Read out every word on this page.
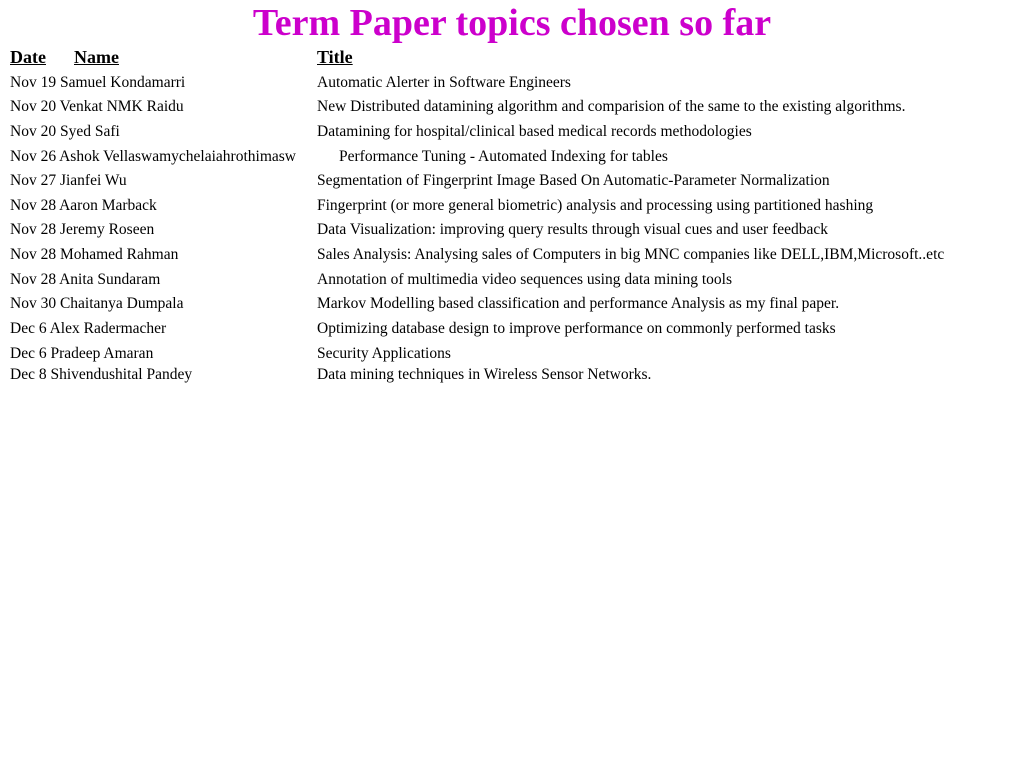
Term Paper topics chosen so far
Date Name	Title
Nov 19 Samuel Kondamarri	Automatic Alerter in Software Engineers
Nov 20 Venkat NMK Raidu	New Distributed datamining algorithm and comparision of the same to the existing algorithms.
Nov 20 Syed Safi	Datamining for hospital/clinical based medical records methodologies
Nov 26 Ashok Vellaswamychelaiahrothimasw	Performance Tuning - Automated Indexing for tables
Nov 27 Jianfei Wu	Segmentation of Fingerprint Image Based On Automatic-Parameter Normalization
Nov 28 Aaron Marback	Fingerprint (or more general biometric) analysis and processing using partitioned hashing
Nov 28 Jeremy Roseen	Data Visualization: improving query results through visual cues and user feedback
Nov 28 Mohamed Rahman	Sales Analysis: Analysing sales of Computers in big MNC companies like DELL,IBM,Microsoft..etc
Nov 28 Anita Sundaram	Annotation of multimedia video sequences using data mining tools
Nov 30 Chaitanya Dumpala	Markov Modelling based classification and performance Analysis as my final paper.
Dec 6 Alex Radermacher	Optimizing database design to improve performance on commonly performed tasks
Dec 6 Pradeep Amaran	Security Applications
Dec 8 Shivendushital Pandey	Data mining techniques in Wireless Sensor Networks.
